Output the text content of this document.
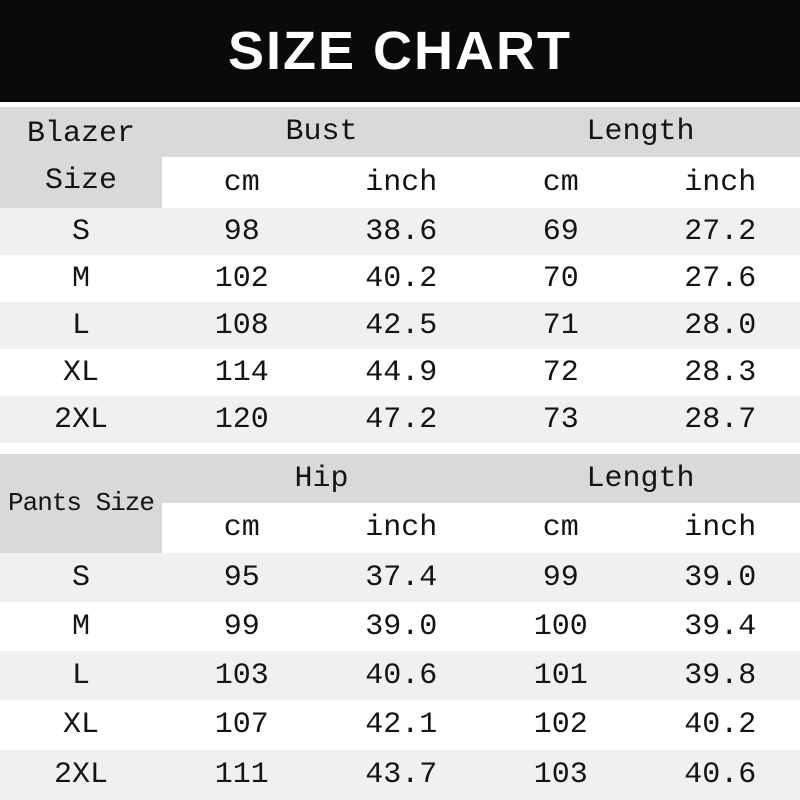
SIZE CHART
Blazer
Size	Bust		Length	
	cm	inch	cm	inch
S	98	38.6	69	27.2
M	102	40.2	70	27.6
L	108	42.5	71	28.0
XL	114	44.9	72	28.3
2XL	120	47.2	73	28.7
Pants Size	Hip		Length	
	cm	inch	cm	inch
S	95	37.4	99	39.0
M	99	39.0	100	39.4
L	103	40.6	101	39.8
XL	107	42.1	102	40.2
2XL	111	43.7	103	40.6
